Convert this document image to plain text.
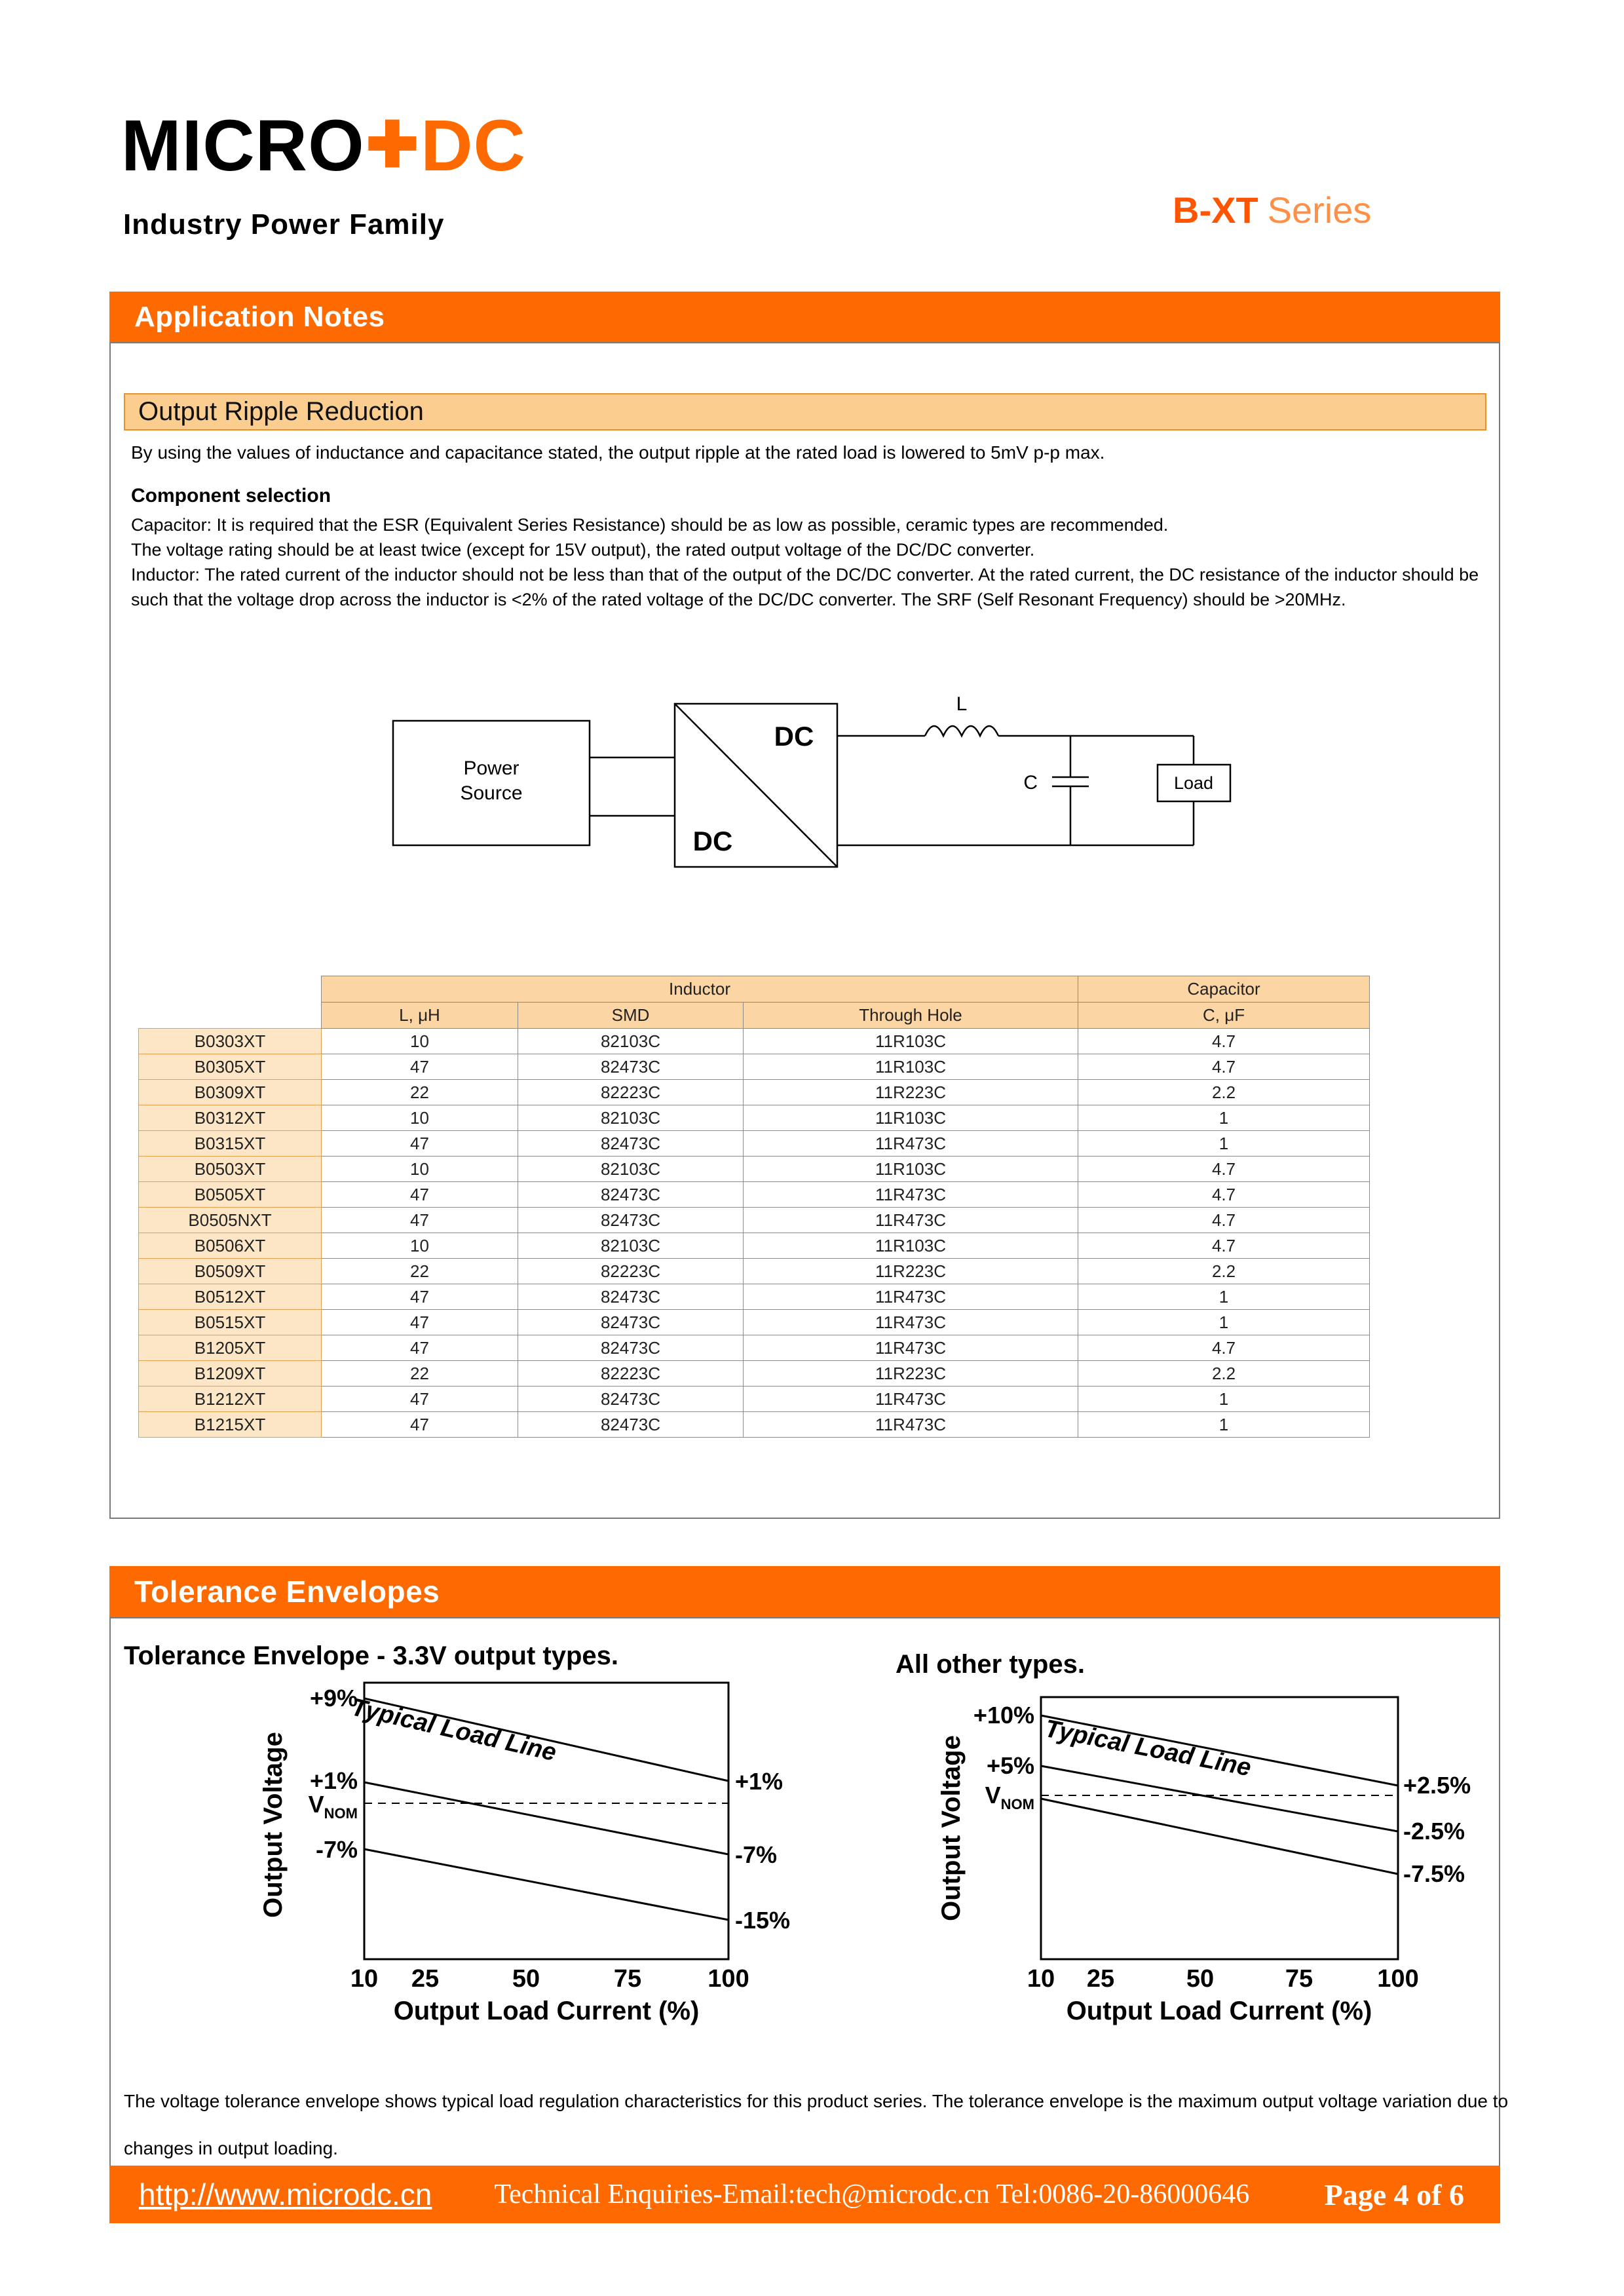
MICRO✚DC
Industry Power Family	B-XT Series
Application Notes
Output Ripple Reduction
By using the values of inductance and capacitance stated, the output ripple at the rated load is lowered to 5mV p-p max.
Component selection
Capacitor: It is required that the ESR (Equivalent Series Resistance) should be as low as possible, ceramic types are recommended.
The voltage rating should be at least twice (except for 15V output), the rated output voltage of the DC/DC converter.
Inductor: The rated current of the inductor should not be less than that of the output of the DC/DC converter. At the rated current, the DC resistance of the inductor should be
such that the voltage drop across the inductor is <2% of the rated voltage of the DC/DC converter. The SRF (Self Resonant Frequency) should be >20MHz.
Power
Source
DC
DC
L
C	Load
	Inductor			Capacitor
	L, μH	SMD	Through Hole	C, μF
B0303XT	10	82103C	11R103C	4.7
B0305XT	47	82473C	11R103C	4.7
B0309XT	22	82223C	11R223C	2.2
B0312XT	10	82103C	11R103C	1
B0315XT	47	82473C	11R473C	1
B0503XT	10	82103C	11R103C	4.7
B0505XT	47	82473C	11R473C	4.7
B0505NXT	47	82473C	11R473C	4.7
B0506XT	10	82103C	11R103C	4.7
B0509XT	22	82223C	11R223C	2.2
B0512XT	47	82473C	11R473C	1
B0515XT	47	82473C	11R473C	1
B1205XT	47	82473C	11R473C	4.7
B1209XT	22	82223C	11R223C	2.2
B1212XT	47	82473C	11R473C	1
B1215XT	47	82473C	11R473C	1
Tolerance Envelopes
Tolerance Envelope - 3.3V output types.	All other types.
+9%
+1%
$V_{NOM}$
-7%
+1%
-7%
-15%
10 25	50	75	100
Output Load Current (%)
Output Voltage
Typical Load Line	+10%
+5%
$V_{NOM}$
+2.5%
-2.5%
-7.5%
10 25	50	75	100
Output Load Current (%)
Output Voltage	Typical Load Line
The voltage tolerance envelope shows typical load regulation characteristics for this product series. The tolerance envelope is the maximum output voltage variation due to
changes in output loading.
http://www.microdc.cn Technical Enquiries-Email:tech@microdc.cn Tel:0086-20-86000646 Page 4 of 6
